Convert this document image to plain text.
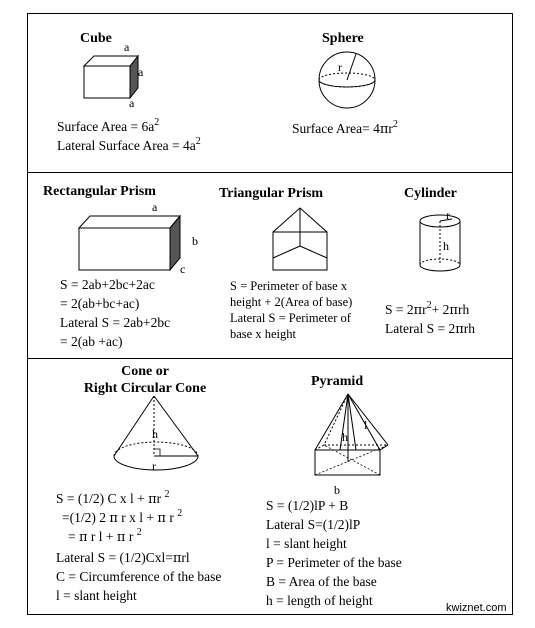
Cube
a
a
a
Surface Area = $6a^2$
Lateral Surface Area = $4a^2$
Sphere
r
Surface Area= $4\pi r^2$
Rectangular Prism
a
b
c
S = 2ab+2bc+2ac
= 2(ab+bc+ac)
Lateral S = 2ab+2bc
= 2(ab +ac)
Triangular Prism
S = Perimeter of base x
height + 2(Area of base)
Lateral S = Perimeter of
base x height
Cylinder
r
h
$S = 2\pi r^2+ 2\pi rh$
Lateral S = 2πrh
Cone or
Right Circular Cone
h
r
S = (1/2) C x l + πr $^2$
=(1/2) 2 π r x l + π r $^2$
= π r l + π r $^2$
Lateral S = (1/2)Cxl=πrl
C = Circumference of the base
l = slant height
Pyramid
h
l
b
S = (1/2)lP + B
Lateral S=(1/2)lP
l = slant height
P = Perimeter of the base
B = Area of the base
h = length of height	kwiznet.com
